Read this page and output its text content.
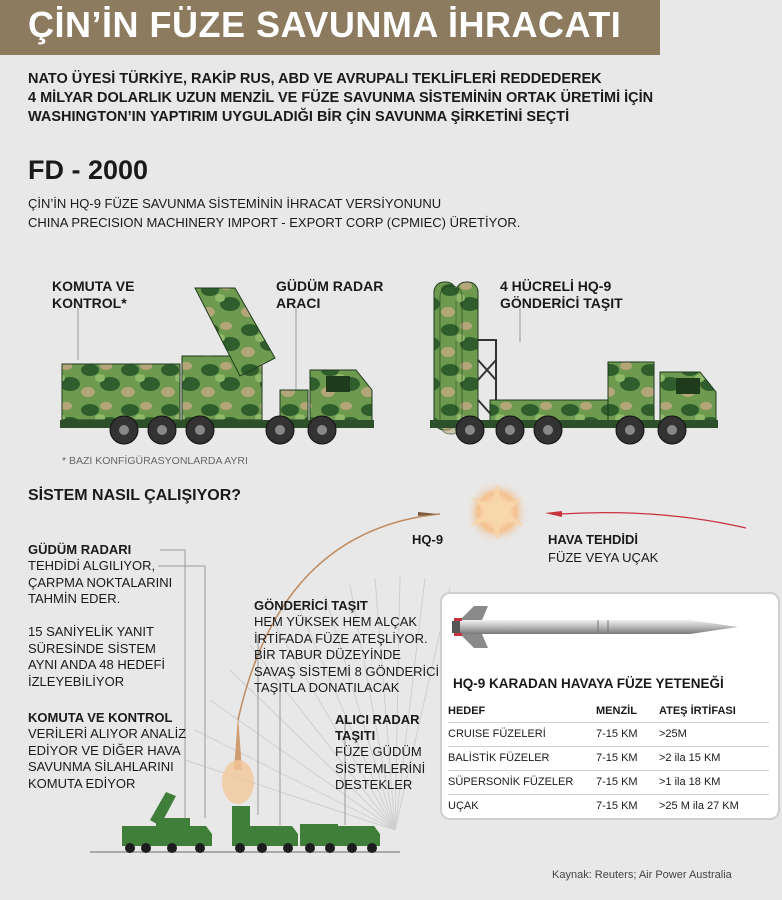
ÇİN’İN FÜZE SAVUNMA İHRACATI
NATO ÜYESİ TÜRKİYE, RAKİP RUS, ABD VE AVRUPALI TEKLİFLERİ REDDEDEREK
4 MİLYAR DOLARLIK UZUN MENZİL VE FÜZE SAVUNMA SİSTEMİNİN ORTAK ÜRETİMİ İÇİN
WASHINGTON’IN YAPTIRIM UYGULADIĞI BİR ÇİN SAVUNMA ŞİRKETİNİ SEÇTİ
FD - 2000
ÇİN’İN HQ-9 FÜZE SAVUNMA SİSTEMİNİN İHRACAT VERSİYONUNU
CHINA PRECISION MACHINERY IMPORT - EXPORT CORP (CPMIEC) ÜRETİYOR.
KOMUTA VE
KONTROL*
GÜDÜM RADAR
ARACI
4 HÜCRELİ HQ-9
GÖNDERİCİ TAŞIT
* BAZI KONFİGÜRASYONLARDA AYRI
SİSTEM NASIL ÇALIŞIYOR?
HQ-9	HAVA TEHDİDİ
FÜZE VEYA UÇAK
GÜDÜM RADARI
TEHDİDİ ALGILIYOR,
ÇARPMA NOKTALARINI
TAHMİN EDER.
15 SANİYELİK YANIT
SÜRESİNDE SİSTEM
AYNI ANDA 48 HEDEFİ
İZLEYEBİLİYOR
KOMUTA VE KONTROL
VERİLERİ ALIYOR ANALİZ
EDİYOR VE DİĞER HAVA
SAVUNMA SİLAHLARINI
KOMUTA EDİYOR
GÖNDERİCİ TAŞIT
HEM YÜKSEK HEM ALÇAK
İRTİFADA FÜZE ATEŞLİYOR.
BİR TABUR DÜZEYİNDE
SAVAŞ SİSTEMİ 8 GÖNDERİCİ
TAŞITLA DONATILACAK
ALICI RADAR
TAŞITI
FÜZE GÜDÜM
SİSTEMLERİNİ
DESTEKLER
HQ-9 KARADAN HAVAYA FÜZE YETENEĞİ
HEDEF	MENZİL	ATEŞ İRTİFASI
CRUISE FÜZELERİ	7-15 KM	>25M
BALİSTİK FÜZELER	7-15 KM	>2 ila 15 KM
SÜPERSONİK FÜZELER	7-15 KM	>1 ila 18 KM
UÇAK	7-15 KM	>25 M ila 27 KM
Kaynak: Reuters; Air Power Australia
